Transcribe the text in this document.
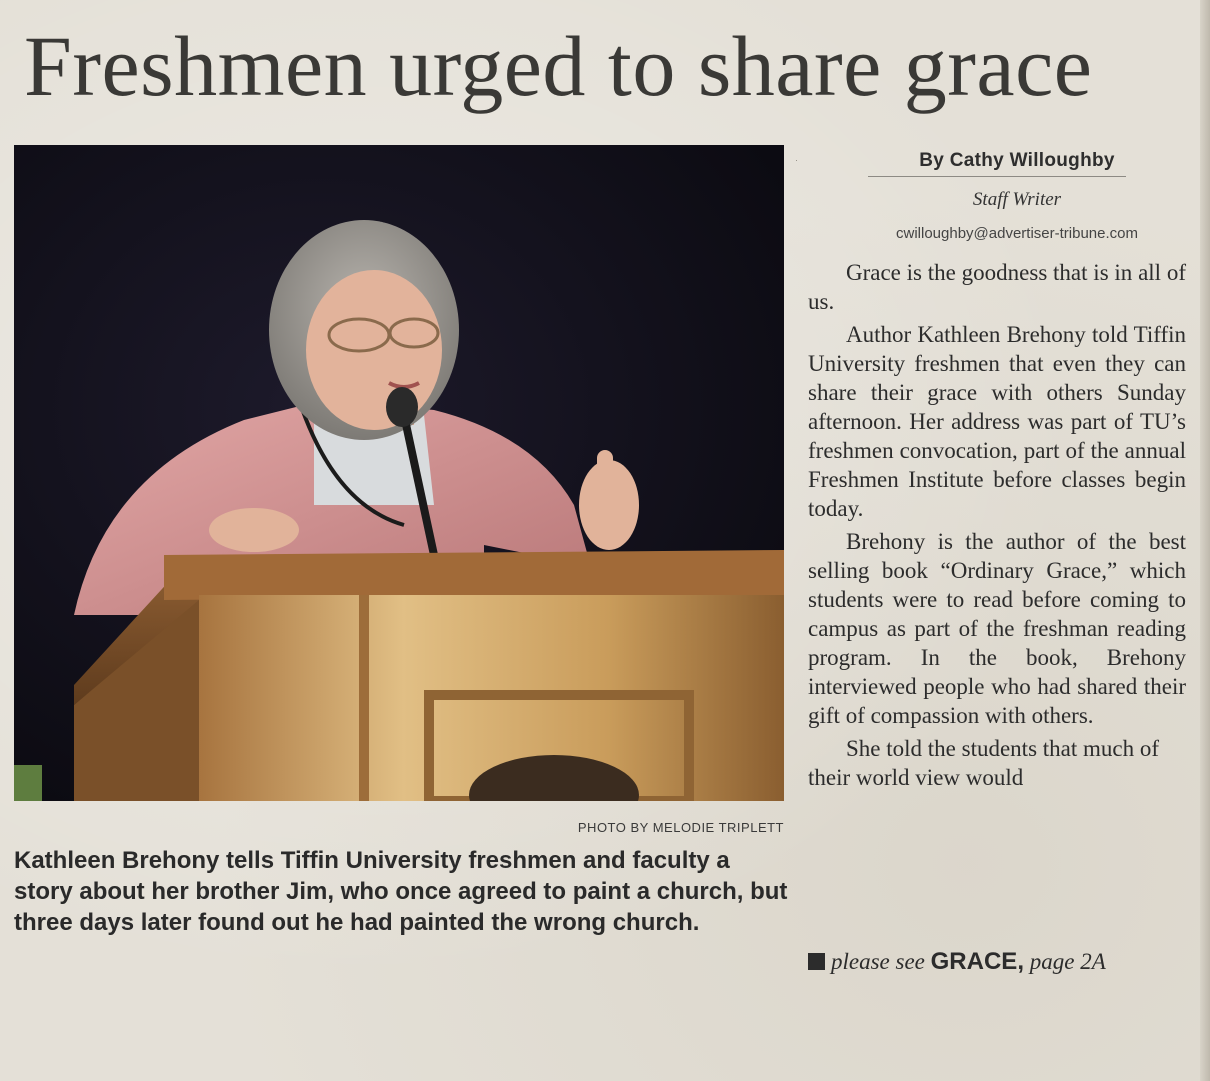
Freshmen urged to share grace
PHOTO BY MELODIE TRIPLETT
Kathleen Brehony tells Tiffin University freshmen and faculty a story about her brother Jim, who once agreed to paint a church, but three days later found out he had painted the wrong church.
By Cathy Willoughby
Staff Writer
cwilloughby@advertiser-tribune.com

Grace is the goodness that is in all of us.

Author Kathleen Brehony told Tiffin University freshmen that even they can share their grace with others Sunday afternoon. Her address was part of TU’s freshmen convocation, part of the annual Freshmen Institute before classes begin today.

Brehony is the author of the best selling book “Ordinary Grace,” which students were to read before coming to campus as part of the freshman reading program. In the book, Brehony interviewed people who had shared their gift of compassion with others.

She told the students that much of their world view would

please see GRACE, page 2A
